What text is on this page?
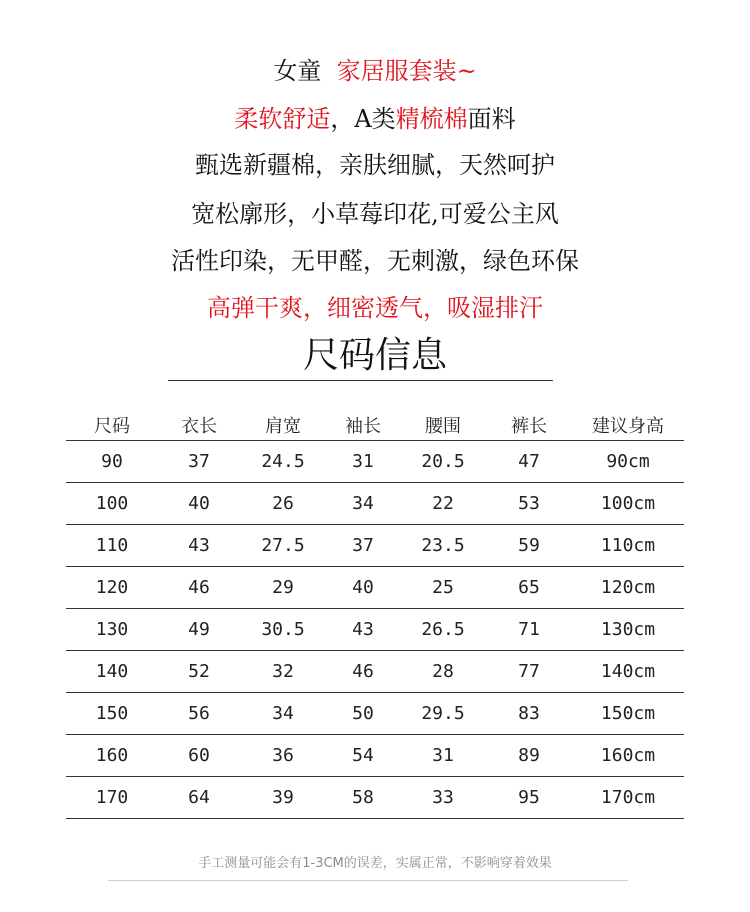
女童 家居服套装~
柔软舒适，A类精梳棉面料
甄选新疆棉，亲肤细腻，天然呵护
宽松廓形，小草莓印花,可爱公主风
活性印染，无甲醛，无刺激，绿色环保
高弹干爽，细密透气，吸湿排汗
尺码信息
尺码	衣长	肩宽	袖长	腰围	裤长	建议身高
90	37	24.5	31	20.5	47	90cm
100	40	26	34	22	53	100cm
110	43	27.5	37	23.5	59	110cm
120	46	29	40	25	65	120cm
130	49	30.5	43	26.5	71	130cm
140	52	32	46	28	77	140cm
150	56	34	50	29.5	83	150cm
160	60	36	54	31	89	160cm
170	64	39	58	33	95	170cm
手工测量可能会有1-3CM的误差，实属正常，不影响穿着效果
